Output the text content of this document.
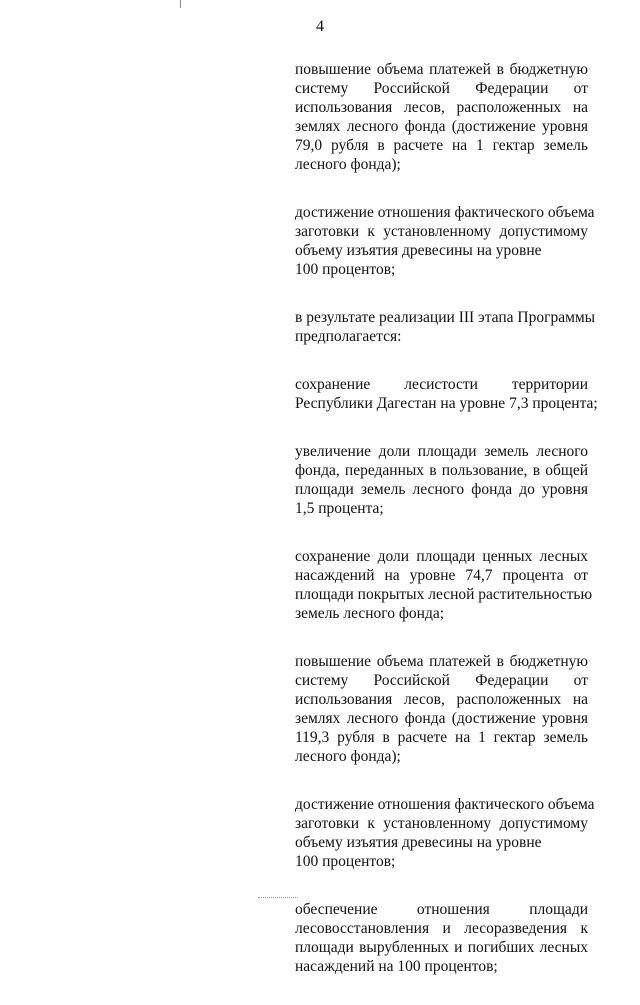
4

повышение объема платежей в бюджетную
систему Российской Федерации от
использования лесов, расположенных на
землях лесного фонда (достижение уровня
79,0 рубля в расчете на 1 гектар земель
лесного фонда);

достижение отношения фактического объема
заготовки к установленному допустимому
объему изъятия древесины на уровне
100 процентов;

в результате реализации III этапа Программы
предполагается:

сохранение лесистости территории
Республики Дагестан на уровне 7,3 процента;

увеличение доли площади земель лесного
фонда, переданных в пользование, в общей
площади земель лесного фонда до уровня
1,5 процента;

сохранение доли площади ценных лесных
насаждений на уровне 74,7 процента от
площади покрытых лесной растительностью
земель лесного фонда;

повышение объема платежей в бюджетную
систему Российской Федерации от
использования лесов, расположенных на
землях лесного фонда (достижение уровня
119,3 рубля в расчете на 1 гектар земель
лесного фонда);

достижение отношения фактического объема
заготовки к установленному допустимому
объему изъятия древесины на уровне
100 процентов;

обеспечение отношения площади
лесовосстановления и лесоразведения к
площади вырубленных и погибших лесных
насаждений на 100 процентов;
